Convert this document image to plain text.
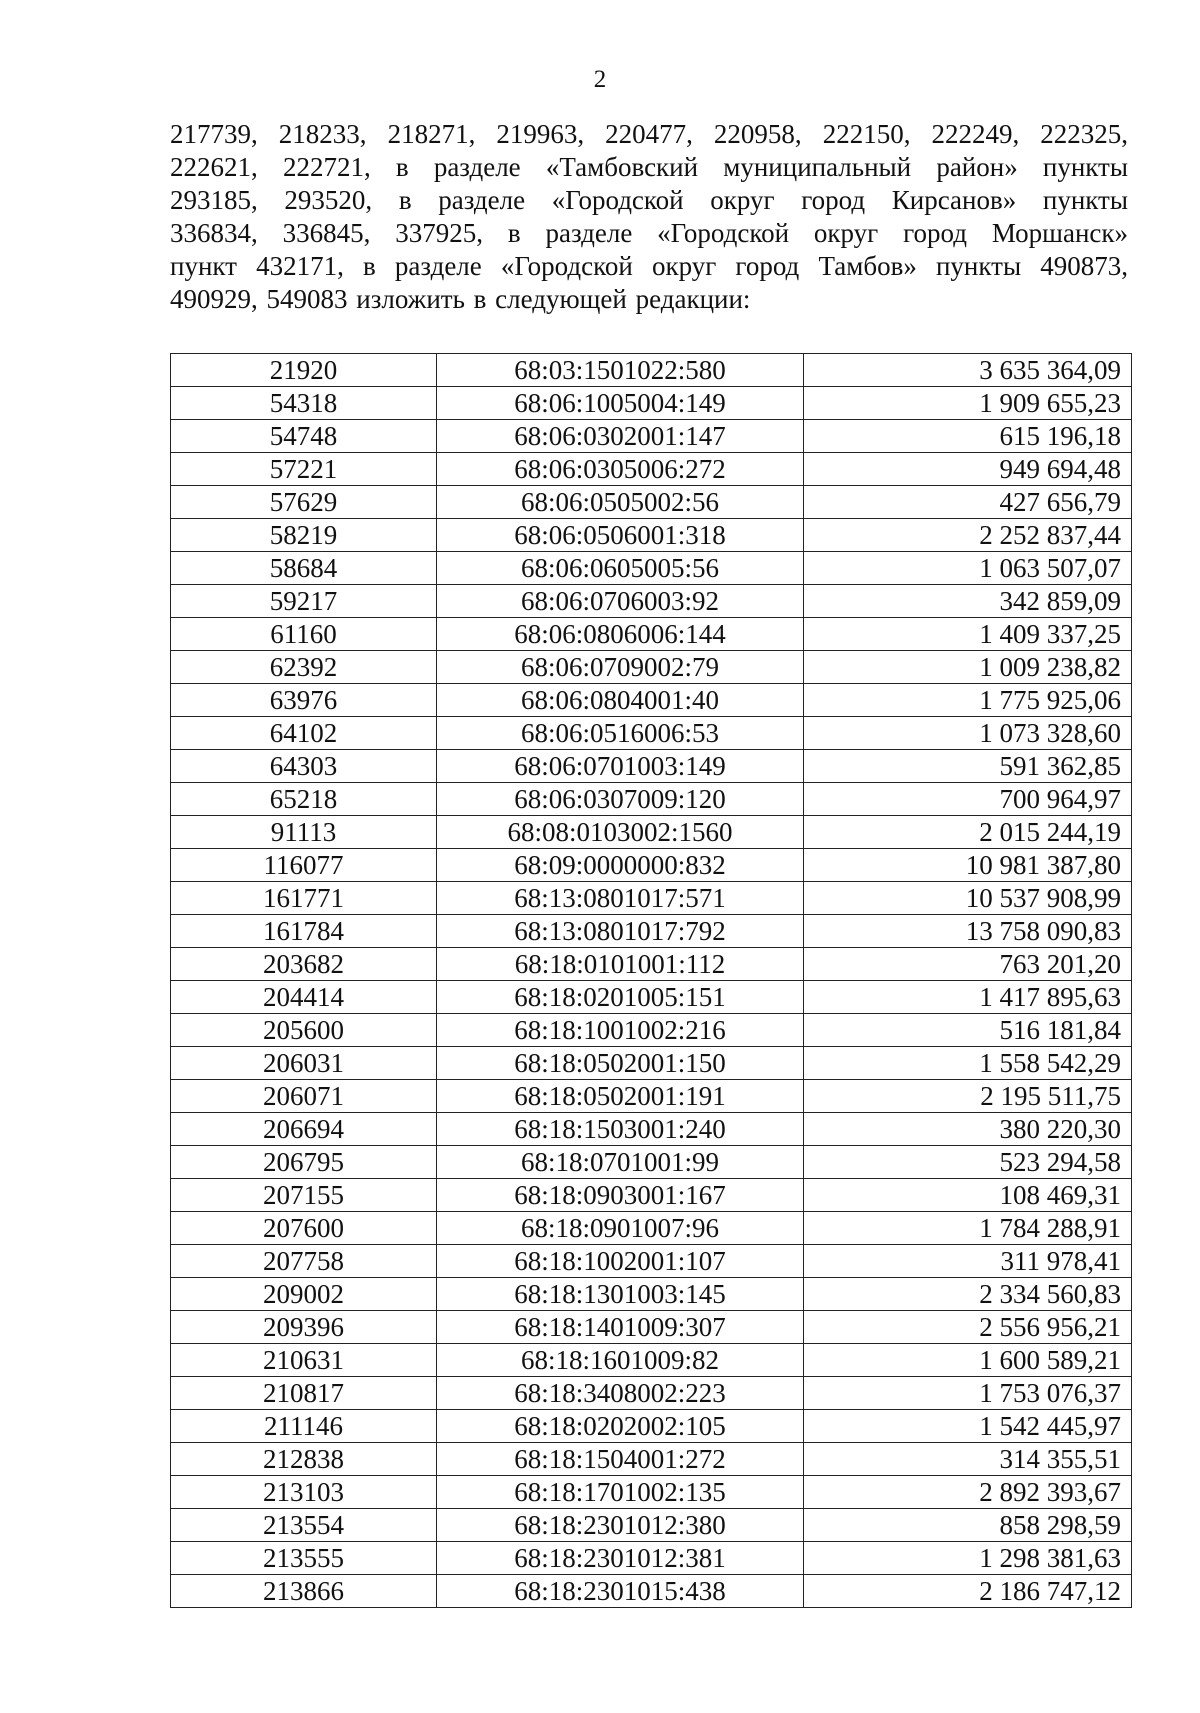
2
217739, 218233, 218271, 219963, 220477, 220958, 222150, 222249, 222325,
222621, 222721, в разделе «Тамбовский муниципальный район» пункты
293185, 293520, в разделе «Городской округ город Кирсанов» пункты
336834, 336845, 337925, в разделе «Городской округ город Моршанск»
пункт 432171, в разделе «Городской округ город Тамбов» пункты 490873,
490929, 549083 изложить в следующей редакции:
21920	68:03:1501022:580	3 635 364,09
54318	68:06:1005004:149	1 909 655,23
54748	68:06:0302001:147	615 196,18
57221	68:06:0305006:272	949 694,48
57629	68:06:0505002:56	427 656,79
58219	68:06:0506001:318	2 252 837,44
58684	68:06:0605005:56	1 063 507,07
59217	68:06:0706003:92	342 859,09
61160	68:06:0806006:144	1 409 337,25
62392	68:06:0709002:79	1 009 238,82
63976	68:06:0804001:40	1 775 925,06
64102	68:06:0516006:53	1 073 328,60
64303	68:06:0701003:149	591 362,85
65218	68:06:0307009:120	700 964,97
91113	68:08:0103002:1560	2 015 244,19
116077	68:09:0000000:832	10 981 387,80
161771	68:13:0801017:571	10 537 908,99
161784	68:13:0801017:792	13 758 090,83
203682	68:18:0101001:112	763 201,20
204414	68:18:0201005:151	1 417 895,63
205600	68:18:1001002:216	516 181,84
206031	68:18:0502001:150	1 558 542,29
206071	68:18:0502001:191	2 195 511,75
206694	68:18:1503001:240	380 220,30
206795	68:18:0701001:99	523 294,58
207155	68:18:0903001:167	108 469,31
207600	68:18:0901007:96	1 784 288,91
207758	68:18:1002001:107	311 978,41
209002	68:18:1301003:145	2 334 560,83
209396	68:18:1401009:307	2 556 956,21
210631	68:18:1601009:82	1 600 589,21
210817	68:18:3408002:223	1 753 076,37
211146	68:18:0202002:105	1 542 445,97
212838	68:18:1504001:272	314 355,51
213103	68:18:1701002:135	2 892 393,67
213554	68:18:2301012:380	858 298,59
213555	68:18:2301012:381	1 298 381,63
213866	68:18:2301015:438	2 186 747,12
